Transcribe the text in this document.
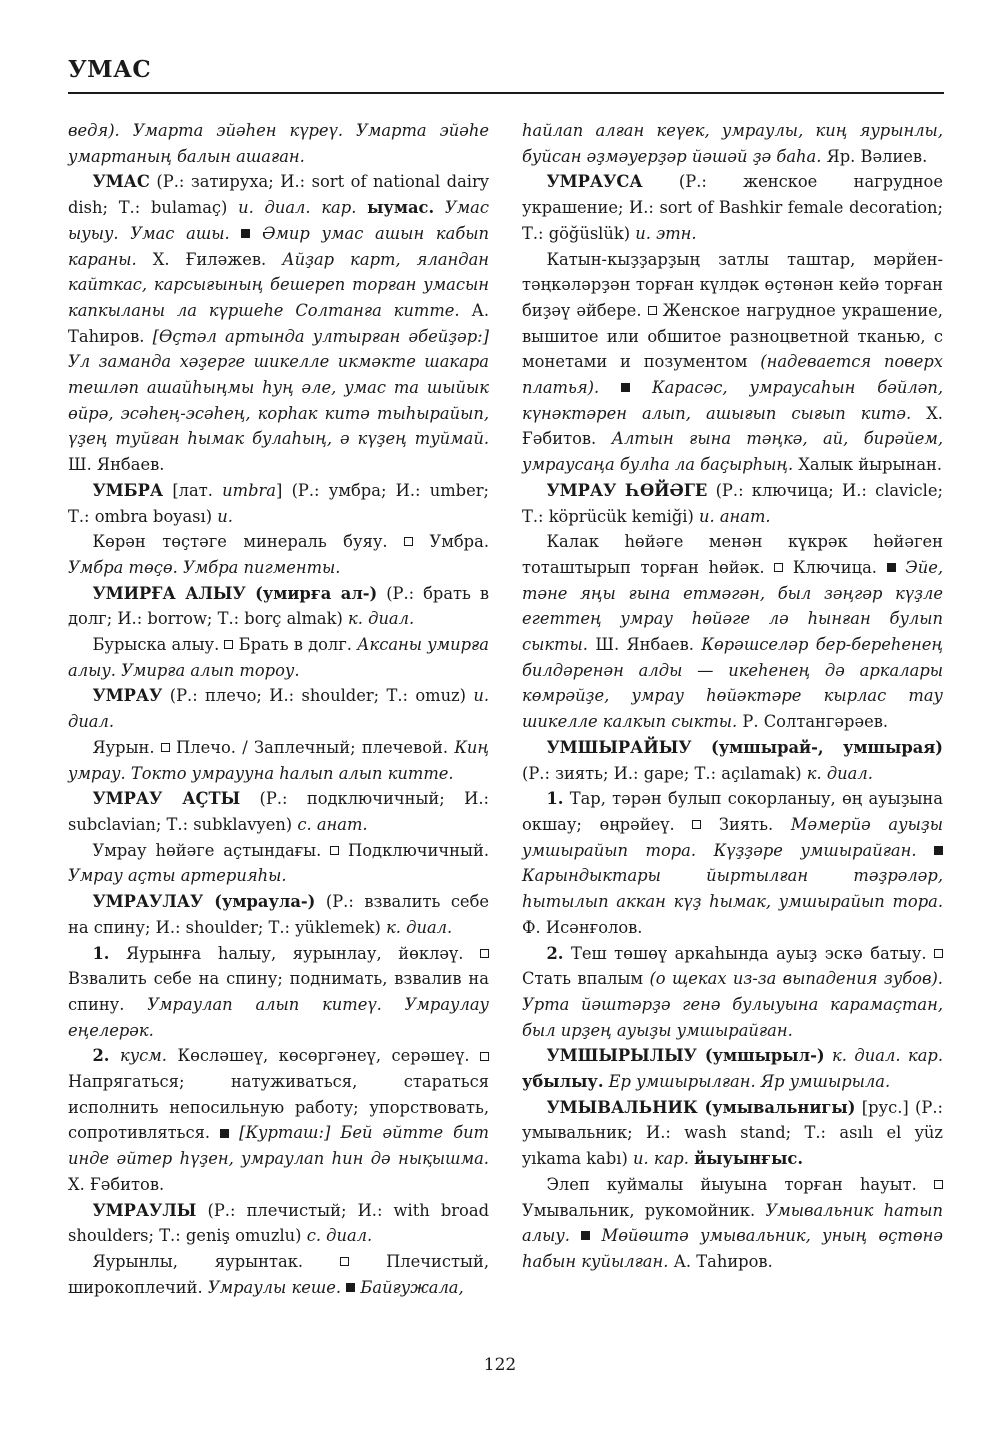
УМАС

ведя). Умарта эйәһен күреү. Умарта эйәһе умартаның балын ашаған.

УМАС (Р.: затируха; И.: sort of national dairy dish; Т.: bulamaç) и. диал. кар. ыумас. Умас ыуыу. Умас ашы.  Әмир умас ашын кабып караны. Х. Ғиләжев. Айҙар карт, яландан кайткас, карсығының бешереп торған умасын капкыланы ла күршеһе Солтанға китте. А. Таһиров. [Өҫтәл артында ултырған әбейҙәр:] Ул заманда хәҙерге шикелле икмәкте шакара тешләп ашайһыңмы һуң әле, умас та шыйык өйрә, эсәһең-эсәһең, корһак китә тыһырайып, үҙең туйған һымак булаһың, ә күҙең туймай. Ш. Янбаев.

УМБРА [лат. umbra] (Р.: умбра; И.: umber; Т.: ombra boyası) и.

Көрән төҫтәге минераль буяу.  Умбра. Умбра төҫө. Умбра пигменты.

УМИРҒА АЛЫУ (умирға ал-) (Р.: брать в долг; И.: borrow; Т.: borç almak) к. диал.

Бурыска алыу.  Брать в долг. Аксаны умирға алыу. Умирға алып тороу.

УМРАУ (Р.: плечо; И.: shoulder; Т.: omuz) и. диал.

Яурын.  Плечо. / Заплечный; плечевой. Киң умрау. Токто умраууна һалып алып китте.

УМРАУ АҪТЫ (Р.: подключичный; И.: subclavian; Т.: subklavyen) с. анат.

Умрау һөйәге аҫтындағы.  Подключичный. Умрау аҫты артерияһы.

УМРАУЛАУ (умраула-) (Р.: взвалить себе на спину; И.: shoulder; Т.: yüklemek) к. диал.

1. Яурынға һалыу, яурынлау, йөкләү.  Взвалить себе на спину; поднимать, взвалив на спину. Умраулап алып китеү. Умраулау еңелерәк.

2. кусм. Көсләшеү, көсөргәнеү, серәшеү.  Напрягаться; натуживаться, стараться исполнить непосильную работу; упорствовать, сопротивляться.  [Курташ:] Бей әйтте бит инде әйтер һүҙен, умраулап һин дә нықышма. Х. Ғәбитов.

УМРАУЛЫ (Р.: плечистый; И.: with broad shoulders; Т.: geniş omuzlu) с. диал.

Яурынлы, яурынтак.  Плечистый, широкоплечий. Умраулы кеше.  Байғужала,

һайлап алған кеүек, умраулы, киң яурынлы, буйсан әҙмәуерҙәр йәшәй ҙә баһа. Яр. Вәлиев.

УМРАУСА (Р.: женское нагрудное украшение; И.: sort of Bashkir female decoration; Т.: göğüslük) и. этн.

Катын-кыҙҙарҙың затлы таштар, мәрйен-тәңкәләрҙән торған күлдәк өҫтөнән кейә торған биҙәү әйбере.  Женское нагрудное украшение, вышитое или обшитое разноцветной тканью, с монетами и позументом (надевается поверх платья).  Карасәс, умраусаһын бәйләп, күнәктәрен алып, ашығып сығып китә. Х. Ғәбитов. Алтын ғына тәңкә, ай, бирәйем, умраусаңа булһа ла баҫырһың. Халык йырынан.

УМРАУ ҺӨЙӘГЕ (Р.: ключица; И.: clavicle; Т.: köprücük kemiği) и. анат.

Калак һөйәге менән күкрәк һөйәген тоташтырып торған һөйәк.  Ключица.  Эйе, тәне яңы ғына етмәгән, был зәңгәр күҙле егеттең умрау һөйәге лә һынған булып сыкты. Ш. Янбаев. Көрәшселәр бер-береһенең билдәренән алды — икеһенең дә аркалары көмрәйҙе, умрау һөйәктәре кырлас тау шикелле калкып сыкты. Р. Солтангәрәев.

УМШЫРАЙЫУ (умшырай-, умшырая) (Р.: зиять; И.: gape; Т.: açılamak) к. диал.

1. Тар, тәрән булып сокорланыу, өң ауыҙына окшау; өңрәйеү.  Зиять. Мәмерйә ауыҙы умшырайып тора. Күҙҙәре умшырайған.  Карындыктары йыртылған тәҙрәләр, һытылып аккан күҙ һымак, умшырайып тора. Ф. Исәнғолов.

2. Теш төшөү аркаһында ауыҙ эскә батыу.  Стать впалым (о щеках из-за выпадения зубов). Урта йәштәрҙә генә булыуына карамаҫтан, был ирҙең ауыҙы умшырайған.

УМШЫРЫЛЫУ (умшырыл-) к. диал. кар. убылыу. Ер умшырылған. Яр умшырыла.

УМЫВАЛЬНИК (умывальнигы) [рус.] (Р.: умывальник; И.: wash stand; Т.: asılı el yüz yıkama kabı) и. кар. йыуынғыс.

Элеп куймалы йыуына торған һауыт.  Умывальник, рукомойник. Умывальник һатып алыу.  Мөйөштә умывальник, уның өҫтөнә һабын куйылған. А. Таһиров.

122
